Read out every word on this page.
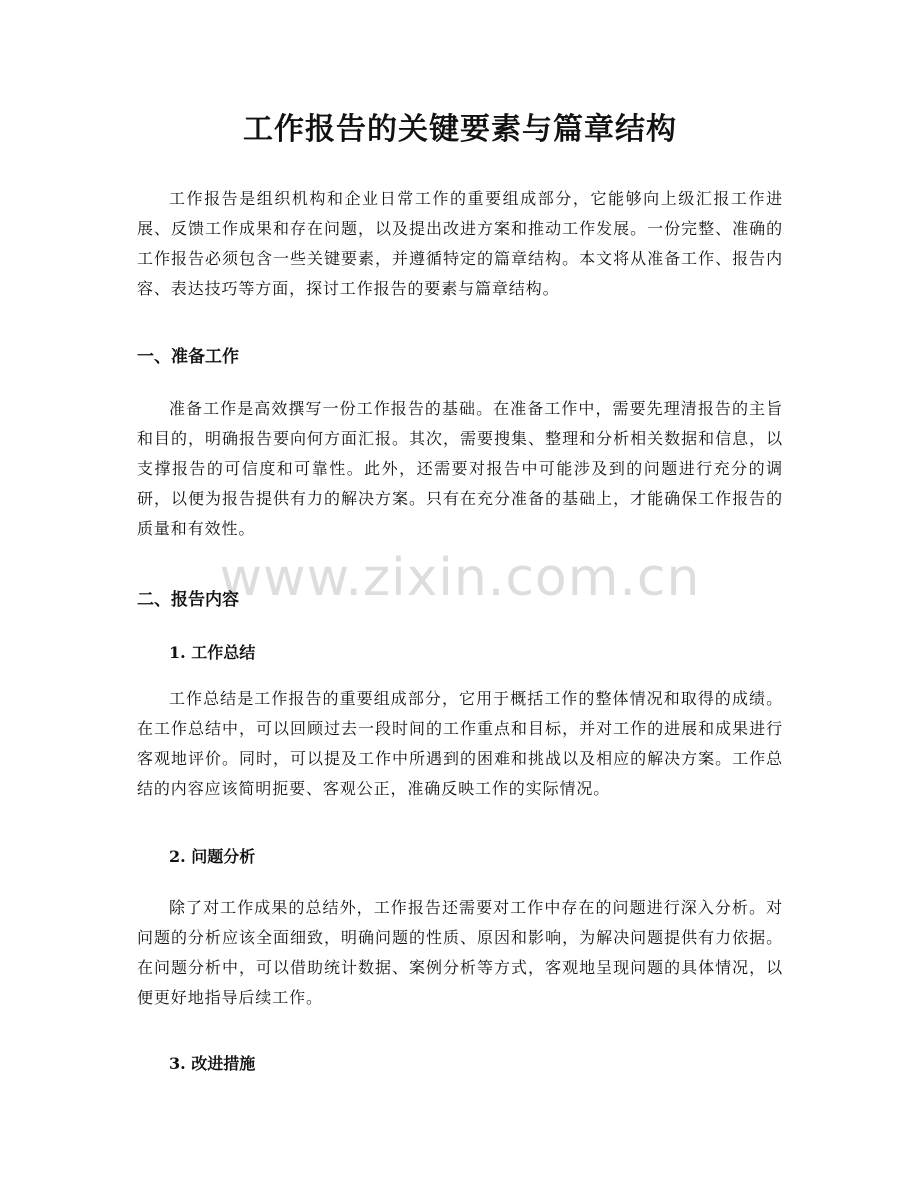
工作报告的关键要素与篇章结构

工作报告是组织机构和企业日常工作的重要组成部分，它能够向上级汇报工作进展、反馈工作成果和存在问题，以及提出改进方案和推动工作发展。一份完整、准确的工作报告必须包含一些关键要素，并遵循特定的篇章结构。本文将从准备工作、报告内容、表达技巧等方面，探讨工作报告的要素与篇章结构。

一、准备工作

准备工作是高效撰写一份工作报告的基础。在准备工作中，需要先理清报告的主旨和目的，明确报告要向何方面汇报。其次，需要搜集、整理和分析相关数据和信息，以支撑报告的可信度和可靠性。此外，还需要对报告中可能涉及到的问题进行充分的调研，以便为报告提供有力的解决方案。只有在充分准备的基础上，才能确保工作报告的质量和有效性。

www.zixin.com.cn
二、报告内容
1. 工作总结

工作总结是工作报告的重要组成部分，它用于概括工作的整体情况和取得的成绩。在工作总结中，可以回顾过去一段时间的工作重点和目标，并对工作的进展和成果进行客观地评价。同时，可以提及工作中所遇到的困难和挑战以及相应的解决方案。工作总结的内容应该简明扼要、客观公正，准确反映工作的实际情况。

2. 问题分析

除了对工作成果的总结外，工作报告还需要对工作中存在的问题进行深入分析。对问题的分析应该全面细致，明确问题的性质、原因和影响，为解决问题提供有力依据。在问题分析中，可以借助统计数据、案例分析等方式，客观地呈现问题的具体情况，以便更好地指导后续工作。

3. 改进措施
